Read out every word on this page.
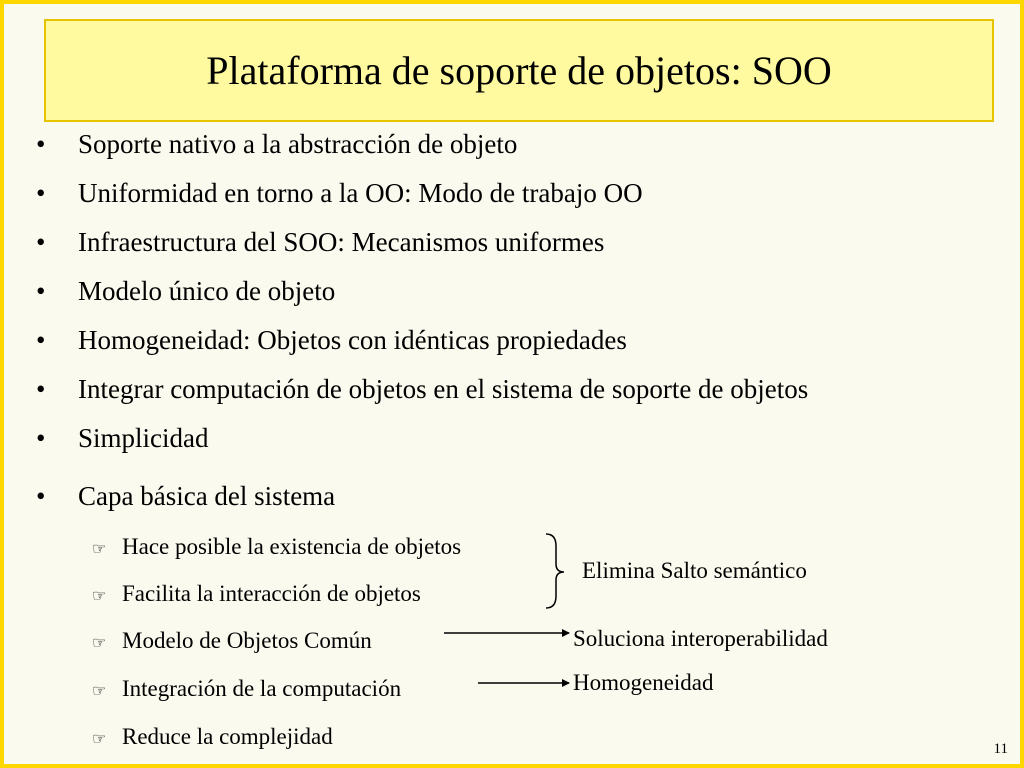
Plataforma de soporte de objetos: SOO
• Soporte nativo a la abstracción de objeto
• Uniformidad en torno a la OO: Modo de trabajo OO
• Infraestructura del SOO: Mecanismos uniformes
• Modelo único de objeto
• Homogeneidad: Objetos con idénticas propiedades
• Integrar computación de objetos en el sistema de soporte de objetos
• Simplicidad
• Capa básica del sistema
☞ Hace posible la existencia de objetos
☞ Facilita la interacción de objetos
☞ Modelo de Objetos Común
☞ Integración de la computación
☞ Reduce la complejidad
Elimina Salto semántico
Soluciona interoperabilidad
Homogeneidad
11
